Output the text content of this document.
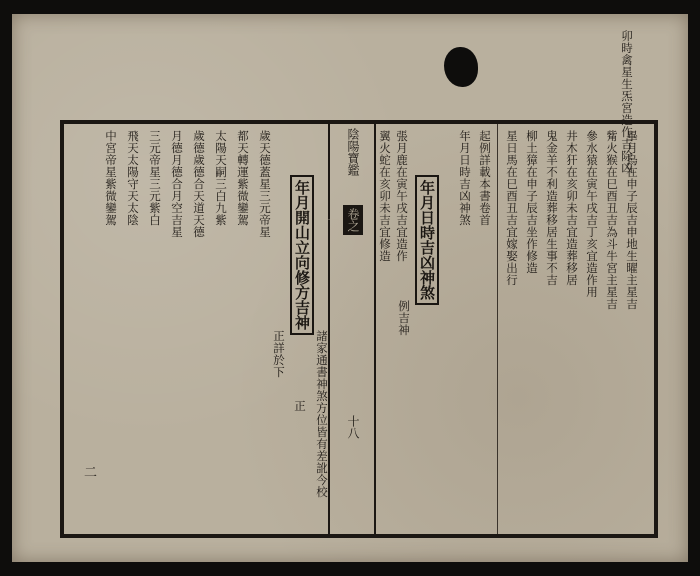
卯時禽星生炁宮造作吉除凶
畢月烏在申子辰吉申地生曜主星吉
觜火猴在巳酉丑吉為斗牛宮主星吉
參水猿在寅午戌吉丁亥宜造作用
井木犴在亥卯未吉宜造葬移居
鬼金羊不利造葬移居生事不吉
柳土獐在申子辰吉坐作修造
星日馬在巳酉丑吉宜嫁娶出行
起例詳載本書卷首
年月日時吉凶神煞
年月日時吉凶神煞
例吉神
張月鹿在寅午戌吉宜造作
翼火蛇在亥卯未吉宜修造
陰陽寶鑑
卷之一
十八
年月開山立向修方吉神
正 諸家通書神煞方位皆有差訛今校
正詳於下
歲天德蓋星三元帝星
都天轉運紫微鑾駕
太陽天嗣三白九紫
歲德歲德合天道天德
月德月德合月空吉星
三元帝星三元紫白
飛天太陽守天太陰
中宮帝星紫微鑾駕
二
